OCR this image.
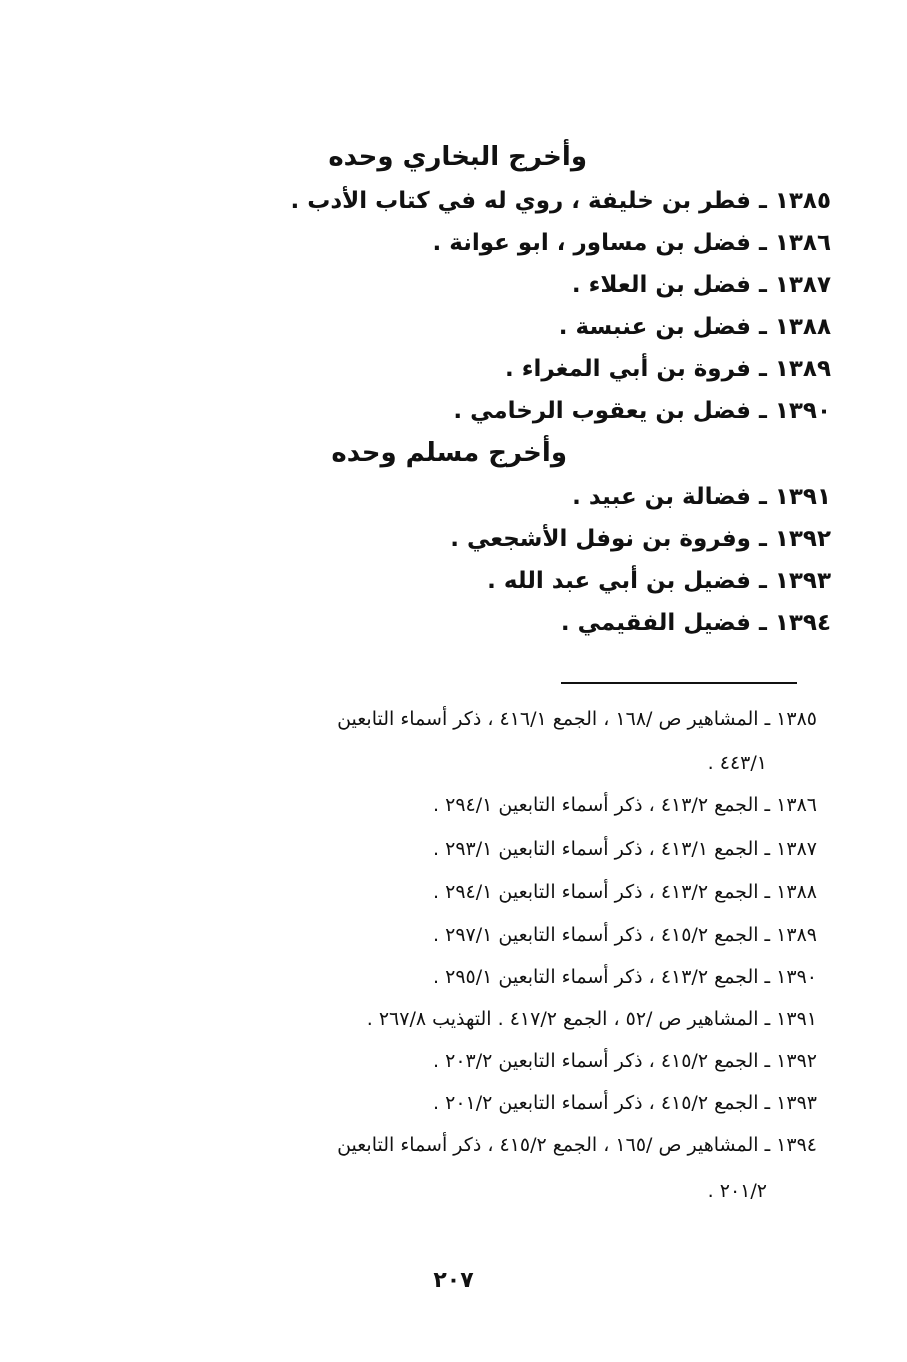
وأخرج البخاري وحده
١٣٨٥ ـ فطر بن خليفة ، روي له في كتاب الأدب .
١٣٨٦ ـ فضل بن مساور ، ابو عوانة .
١٣٨٧ ـ فضل بن العلاء .
١٣٨٨ ـ فضل بن عنبسة .
١٣٨٩ ـ فروة بن أبي المغراء .
١٣٩٠ ـ فضل بن يعقوب الرخامي .
وأخرج مسلم وحده
١٣٩١ ـ فضالة بن عبيد .
١٣٩٢ ـ وفروة بن نوفل الأشجعي .
١٣٩٣ ـ فضيل بن أبي عبد الله .
١٣٩٤ ـ فضيل الفقيمي .
١٣٨٥ ـ المشاهير ص /١٦٨ ، الجمع ٤١٦/١ ، ذكر أسماء التابعين
٤٤٣/١ .
١٣٨٦ ـ الجمع ٤١٣/٢ ، ذكر أسماء التابعين ٢٩٤/١ .
١٣٨٧ ـ الجمع ٤١٣/١ ، ذكر أسماء التابعين ٢٩٣/١ .
١٣٨٨ ـ الجمع ٤١٣/٢ ، ذكر أسماء التابعين ٢٩٤/١ .
١٣٨٩ ـ الجمع ٤١٥/٢ ، ذكر أسماء التابعين ٢٩٧/١ .
١٣٩٠ ـ الجمع ٤١٣/٢ ، ذكر أسماء التابعين ٢٩٥/١ .
١٣٩١ ـ المشاهير ص /٥٢ ، الجمع ٤١٧/٢ . التهذيب ٢٦٧/٨ .
١٣٩٢ ـ الجمع ٤١٥/٢ ، ذكر أسماء التابعين ٢٠٣/٢ .
١٣٩٣ ـ الجمع ٤١٥/٢ ، ذكر أسماء التابعين ٢٠١/٢ .
١٣٩٤ ـ المشاهير ص /١٦٥ ، الجمع ٤١٥/٢ ، ذكر أسماء التابعين
٢٠١/٢ .
٢٠٧
